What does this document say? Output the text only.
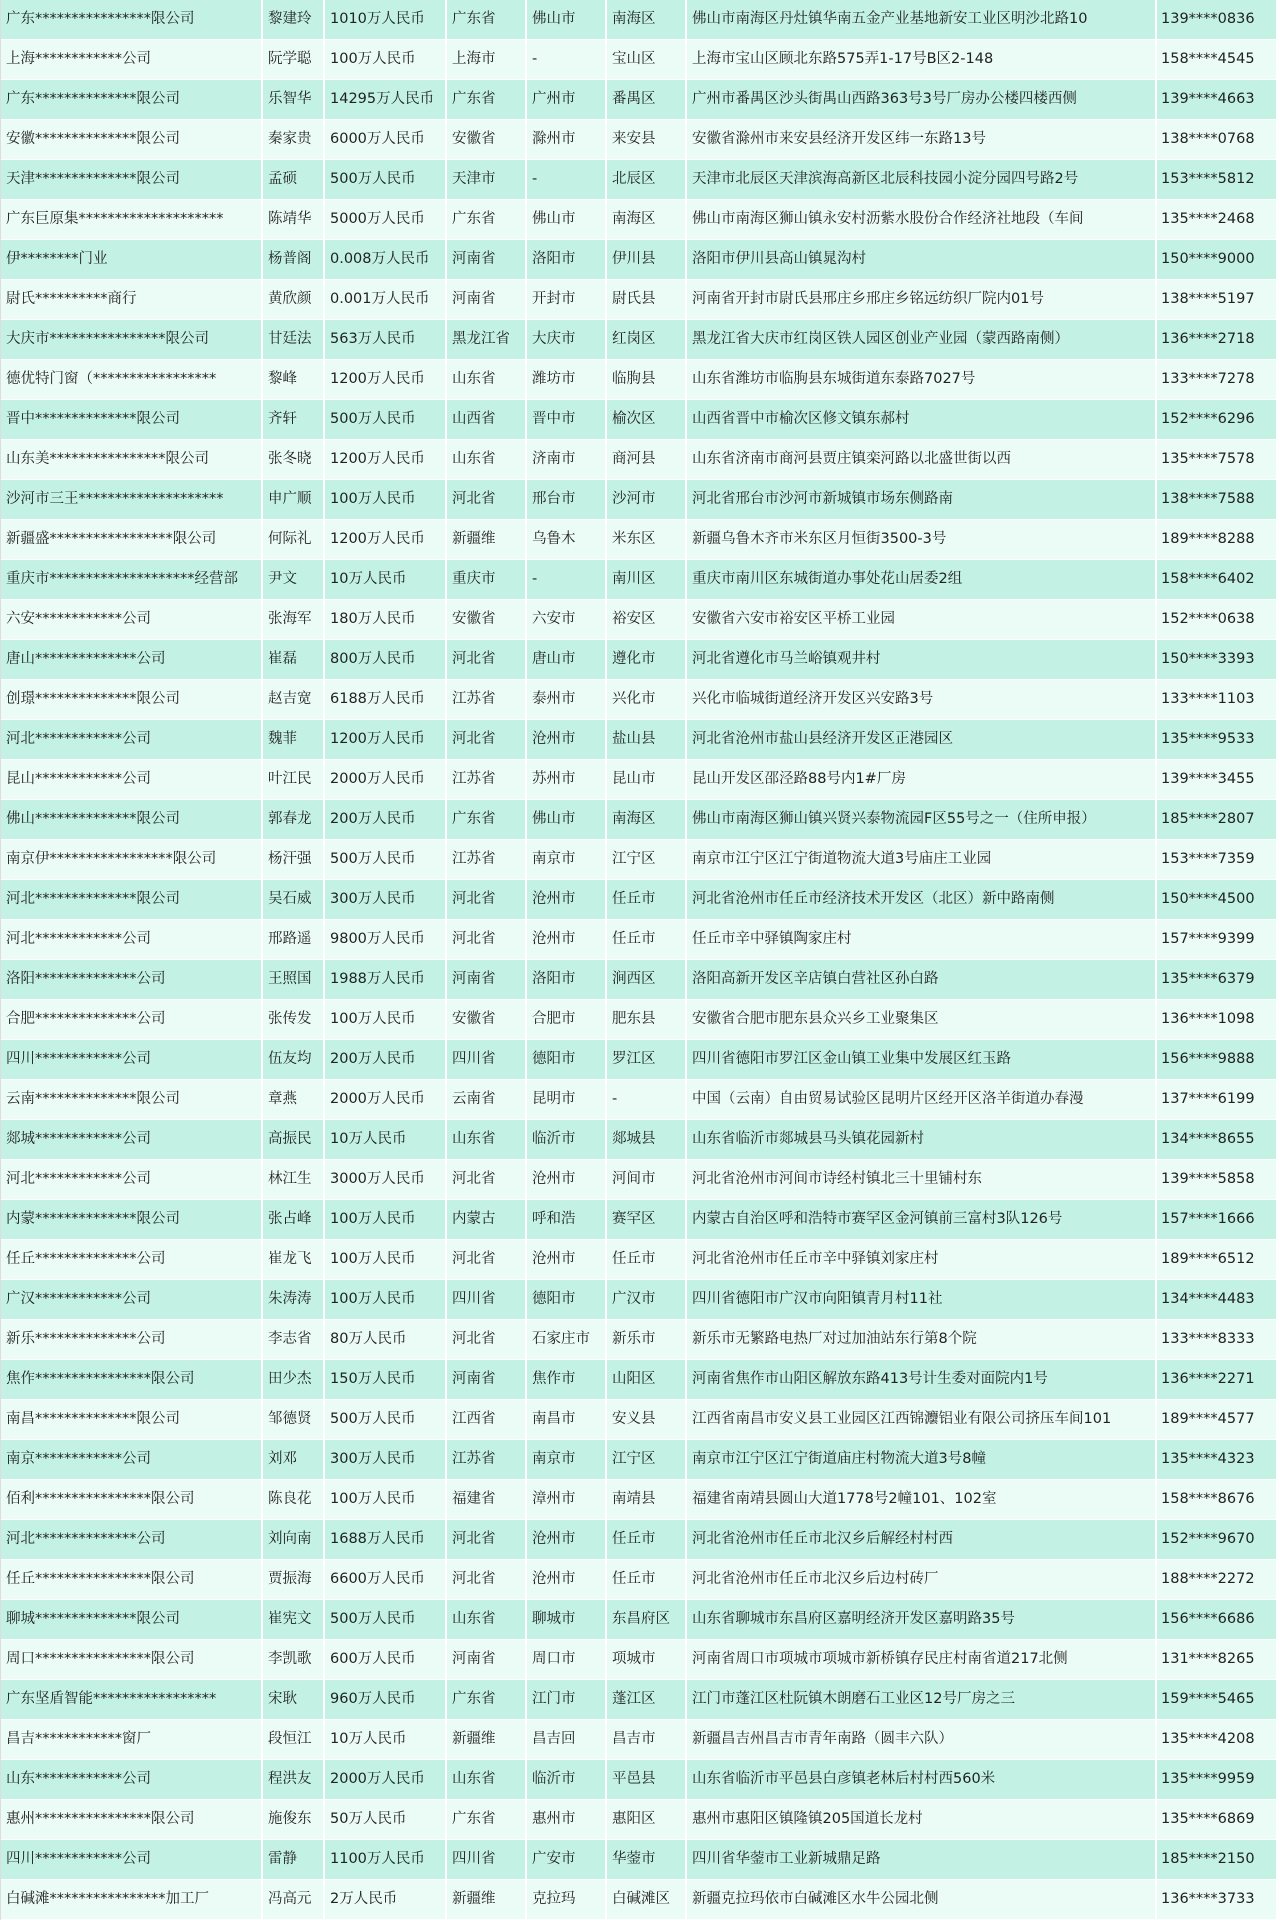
广东****************限公司	黎建玲	1010万人民币	广东省	佛山市	南海区	佛山市南海区丹灶镇华南五金产业基地新安工业区明沙北路10	139****0836
上海************公司	阮学聪	100万人民币	上海市	-	宝山区	上海市宝山区顾北东路575弄1-17号B区2-148	158****4545
广东**************限公司	乐智华	14295万人民币	广东省	广州市	番禺区	广州市番禺区沙头街禺山西路363号3号厂房办公楼四楼西侧	139****4663
安徽**************限公司	秦家贵	6000万人民币	安徽省	滁州市	来安县	安徽省滁州市来安县经济开发区纬一东路13号	138****0768
天津**************限公司	孟硕	500万人民币	天津市	-	北辰区	天津市北辰区天津滨海高新区北辰科技园小淀分园四号路2号	153****5812
广东巨原集********************	陈靖华	5000万人民币	广东省	佛山市	南海区	佛山市南海区狮山镇永安村沥紫水股份合作经济社地段（车间	135****2468
伊********门业	杨普阁	0.008万人民币	河南省	洛阳市	伊川县	洛阳市伊川县高山镇晁沟村	150****9000
尉氏**********商行	黄欣颜	0.001万人民币	河南省	开封市	尉氏县	河南省开封市尉氏县邢庄乡邢庄乡铭远纺织厂院内01号	138****5197
大庆市****************限公司	甘廷法	563万人民币	黑龙江省	大庆市	红岗区	黑龙江省大庆市红岗区铁人园区创业产业园（蒙西路南侧）	136****2718
德优特门窗（*****************	黎峰	1200万人民币	山东省	潍坊市	临朐县	山东省潍坊市临朐县东城街道东泰路7027号	133****7278
晋中**************限公司	齐轩	500万人民币	山西省	晋中市	榆次区	山西省晋中市榆次区修文镇东郝村	152****6296
山东美****************限公司	张冬晓	1200万人民币	山东省	济南市	商河县	山东省济南市商河县贾庄镇栾河路以北盛世街以西	135****7578
沙河市三王********************	申广顺	100万人民币	河北省	邢台市	沙河市	河北省邢台市沙河市新城镇市场东侧路南	138****7588
新疆盛*****************限公司	何际礼	1200万人民币	新疆维	乌鲁木	米东区	新疆乌鲁木齐市米东区月恒街3500-3号	189****8288
重庆市********************经营部	尹文	10万人民币	重庆市	-	南川区	重庆市南川区东城街道办事处花山居委2组	158****6402
六安************公司	张海军	180万人民币	安徽省	六安市	裕安区	安徽省六安市裕安区平桥工业园	152****0638
唐山**************公司	崔磊	800万人民币	河北省	唐山市	遵化市	河北省遵化市马兰峪镇观井村	150****3393
创璟**************限公司	赵吉宽	6188万人民币	江苏省	泰州市	兴化市	兴化市临城街道经济开发区兴安路3号	133****1103
河北************公司	魏菲	1200万人民币	河北省	沧州市	盐山县	河北省沧州市盐山县经济开发区正港园区	135****9533
昆山************公司	叶江民	2000万人民币	江苏省	苏州市	昆山市	昆山开发区邵泾路88号内1#厂房	139****3455
佛山**************限公司	郭春龙	200万人民币	广东省	佛山市	南海区	佛山市南海区狮山镇兴贤兴泰物流园F区55号之一（住所申报）	185****2807
南京伊*****************限公司	杨汗强	500万人民币	江苏省	南京市	江宁区	南京市江宁区江宁街道物流大道3号庙庄工业园	153****7359
河北**************限公司	吴石威	300万人民币	河北省	沧州市	任丘市	河北省沧州市任丘市经济技术开发区（北区）新中路南侧	150****4500
河北************公司	邢路遥	9800万人民币	河北省	沧州市	任丘市	任丘市辛中驿镇陶家庄村	157****9399
洛阳**************公司	王照国	1988万人民币	河南省	洛阳市	涧西区	洛阳高新开发区辛店镇白营社区孙白路	135****6379
合肥**************公司	张传发	100万人民币	安徽省	合肥市	肥东县	安徽省合肥市肥东县众兴乡工业聚集区	136****1098
四川************公司	伍友均	200万人民币	四川省	德阳市	罗江区	四川省德阳市罗江区金山镇工业集中发展区红玉路	156****9888
云南**************限公司	章燕	2000万人民币	云南省	昆明市	-	中国（云南）自由贸易试验区昆明片区经开区洛羊街道办春漫	137****6199
郯城************公司	高振民	10万人民币	山东省	临沂市	郯城县	山东省临沂市郯城县马头镇花园新村	134****8655
河北************公司	林江生	3000万人民币	河北省	沧州市	河间市	河北省沧州市河间市诗经村镇北三十里铺村东	139****5858
内蒙**************限公司	张占峰	100万人民币	内蒙古	呼和浩	赛罕区	内蒙古自治区呼和浩特市赛罕区金河镇前三富村3队126号	157****1666
任丘**************公司	崔龙飞	100万人民币	河北省	沧州市	任丘市	河北省沧州市任丘市辛中驿镇刘家庄村	189****6512
广汉************公司	朱涛涛	100万人民币	四川省	德阳市	广汉市	四川省德阳市广汉市向阳镇青月村11社	134****4483
新乐**************公司	李志省	80万人民币	河北省	石家庄市	新乐市	新乐市无繁路电热厂对过加油站东行第8个院	133****8333
焦作****************限公司	田少杰	150万人民币	河南省	焦作市	山阳区	河南省焦作市山阳区解放东路413号计生委对面院内1号	136****2271
南昌**************限公司	邹德贤	500万人民币	江西省	南昌市	安义县	江西省南昌市安义县工业园区江西锦灋铝业有限公司挤压车间101	189****4577
南京************公司	刘邓	300万人民币	江苏省	南京市	江宁区	南京市江宁区江宁街道庙庄村物流大道3号8幢	135****4323
佰利****************限公司	陈良花	100万人民币	福建省	漳州市	南靖县	福建省南靖县圆山大道1778号2幢101、102室	158****8676
河北**************公司	刘向南	1688万人民币	河北省	沧州市	任丘市	河北省沧州市任丘市北汉乡后解经村村西	152****9670
任丘****************限公司	贾振海	6600万人民币	河北省	沧州市	任丘市	河北省沧州市任丘市北汉乡后边村砖厂	188****2272
聊城**************限公司	崔宪文	500万人民币	山东省	聊城市	东昌府区	山东省聊城市东昌府区嘉明经济开发区嘉明路35号	156****6686
周口****************限公司	李凯歌	600万人民币	河南省	周口市	项城市	河南省周口市项城市项城市新桥镇存民庄村南省道217北侧	131****8265
广东坚盾智能*****************	宋耿	960万人民币	广东省	江门市	蓬江区	江门市蓬江区杜阮镇木朗磨石工业区12号厂房之三	159****5465
昌吉************窗厂	段恒江	10万人民币	新疆维	昌吉回	昌吉市	新疆昌吉州昌吉市青年南路（圆丰六队）	135****4208
山东************公司	程洪友	2000万人民币	山东省	临沂市	平邑县	山东省临沂市平邑县白彦镇老林后村村西560米	135****9959
惠州****************限公司	施俊东	50万人民币	广东省	惠州市	惠阳区	惠州市惠阳区镇隆镇205国道长龙村	135****6869
四川************公司	雷静	1100万人民币	四川省	广安市	华蓥市	四川省华蓥市工业新城鼎足路	185****2150
白碱滩****************加工厂	冯高元	2万人民币	新疆维	克拉玛	白碱滩区	新疆克拉玛依市白碱滩区水牛公园北侧	136****3733
